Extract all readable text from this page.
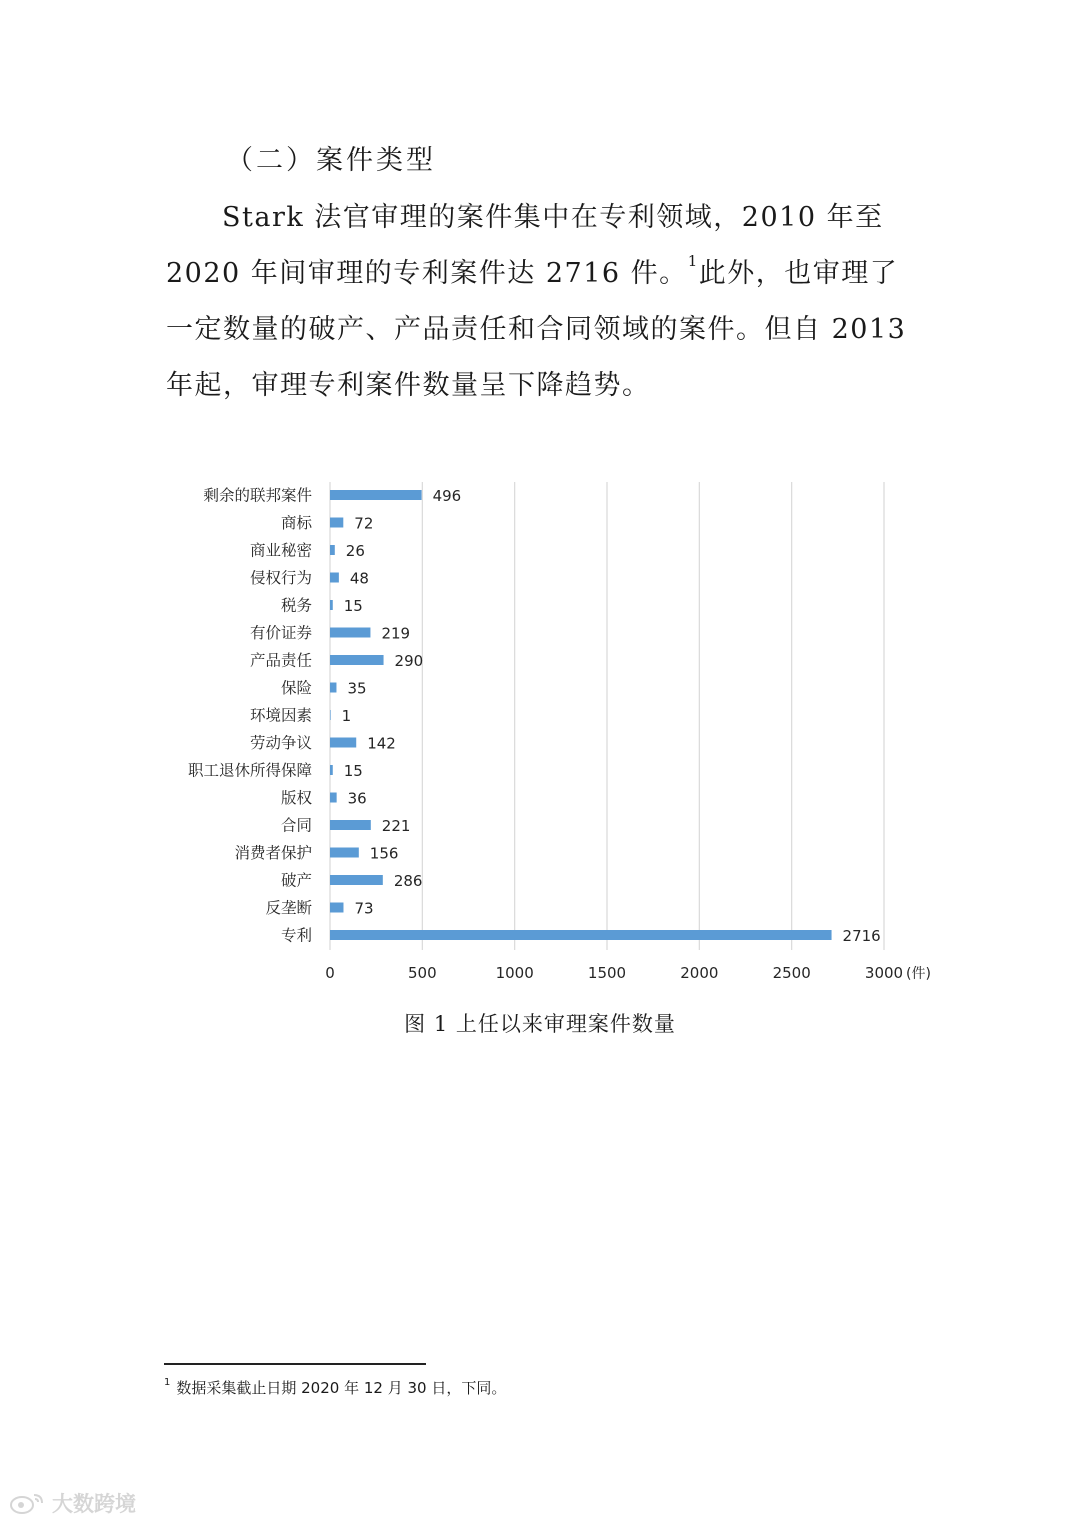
（二）案件类型
Stark 法官审理的案件集中在专利领域，2010 年至 2020 年间审理的专利案件达 2716 件。$^1$此外，也审理了一定数量的破产、产品责任和合同领域的案件。但自 2013 年起，审理专利案件数量呈下降趋势。
0	500	1000	1500	2000	2500	3000 (件)
剩余的联邦案件	496
商标	72
商业秘密 26
侵权行为	48
税务 15
有价证券	219
产品责任	290
保险 35
环境因素 1
劳动争议	142
职工退休所得保障 15
版权 36
合同	221
消费者保护	156
破产	286
反垄断	73
专利	2716
图 1 上任以来审理案件数量
$^1$ 数据采集截止日期 2020 年 12 月 30 日，下同。
大数跨境
